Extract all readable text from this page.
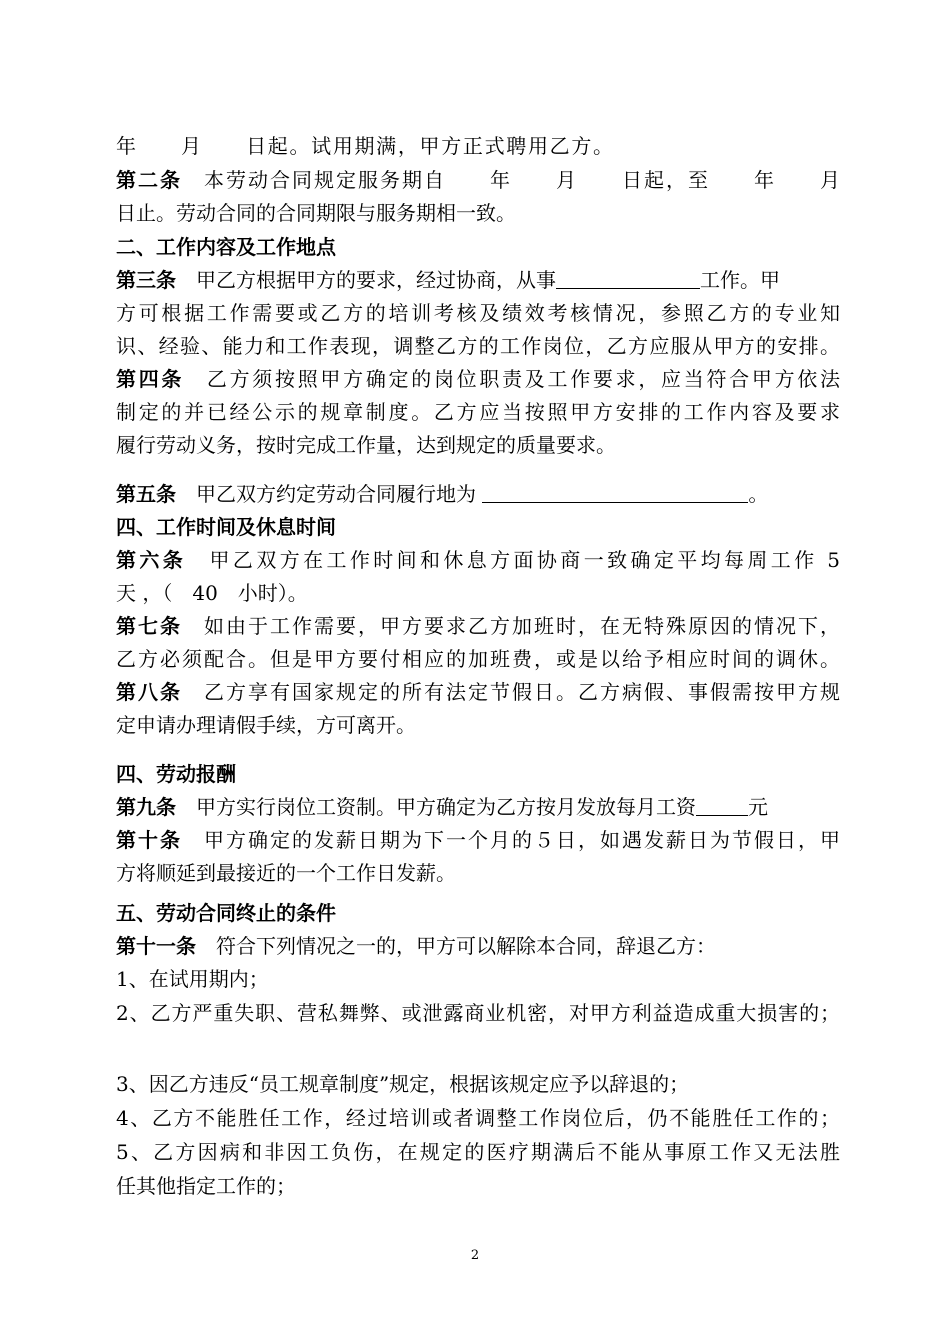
年　　月　　日起。试用期满，甲方正式聘用乙方。

第二条　 本劳动合同规定服务期自　　年　　月　　日起，至　　年　　月

日止。劳动合同的合同期限与服务期相一致。

二、工作内容及工作地点

第三条　 甲乙方根据甲方的要求，经过协商，从事	工作。甲

方可根据工作需要或乙方的培训考核及绩效考核情况，参照乙方的专业知

识、经验、能力和工作表现，调整乙方的工作岗位，乙方应服从甲方的安排。

第四条　 乙方须按照甲方确定的岗位职责及工作要求，应当符合甲方依法

制定的并已经公示的规章制度。乙方应当按照甲方安排的工作内容及要求

履行劳动义务，按时完成工作量，达到规定的质量要求。

第五条　 甲乙双方约定劳动合同履行地为	。

四、工作时间及休息时间

第六条　 甲乙双方在工作时间和休息方面协商一致确定平均每周工作 5

天 ，（　40　小时）。

第七条　 如由于工作需要，甲方要求乙方加班时，在无特殊原因的情况下，

乙方必须配合。但是甲方要付相应的加班费，或是以给予相应时间的调休。

第八条　 乙方享有国家规定的所有法定节假日。乙方病假、事假需按甲方规

定申请办理请假手续，方可离开。

四、劳动报酬

第九条　 甲方实行岗位工资制。甲方确定为乙方按月发放每月工资	元

第十条　 甲方确定的发薪日期为下一个月的５日，如遇发薪日为节假日，甲

方将顺延到最接近的一个工作日发薪。

五、劳动合同终止的条件

第十一条　 符合下列情况之一的，甲方可以解除本合同，辞退乙方：

1、在试用期内；

2、乙方严重失职、营私舞弊、或泄露商业机密，对甲方利益造成重大损害的；

3、因乙方违反“员工规章制度”规定，根据该规定应予以辞退的；

4、乙方不能胜任工作，经过培训或者调整工作岗位后，仍不能胜任工作的；

5、乙方因病和非因工负伤，在规定的医疗期满后不能从事原工作又无法胜

任其他指定工作的；

2
